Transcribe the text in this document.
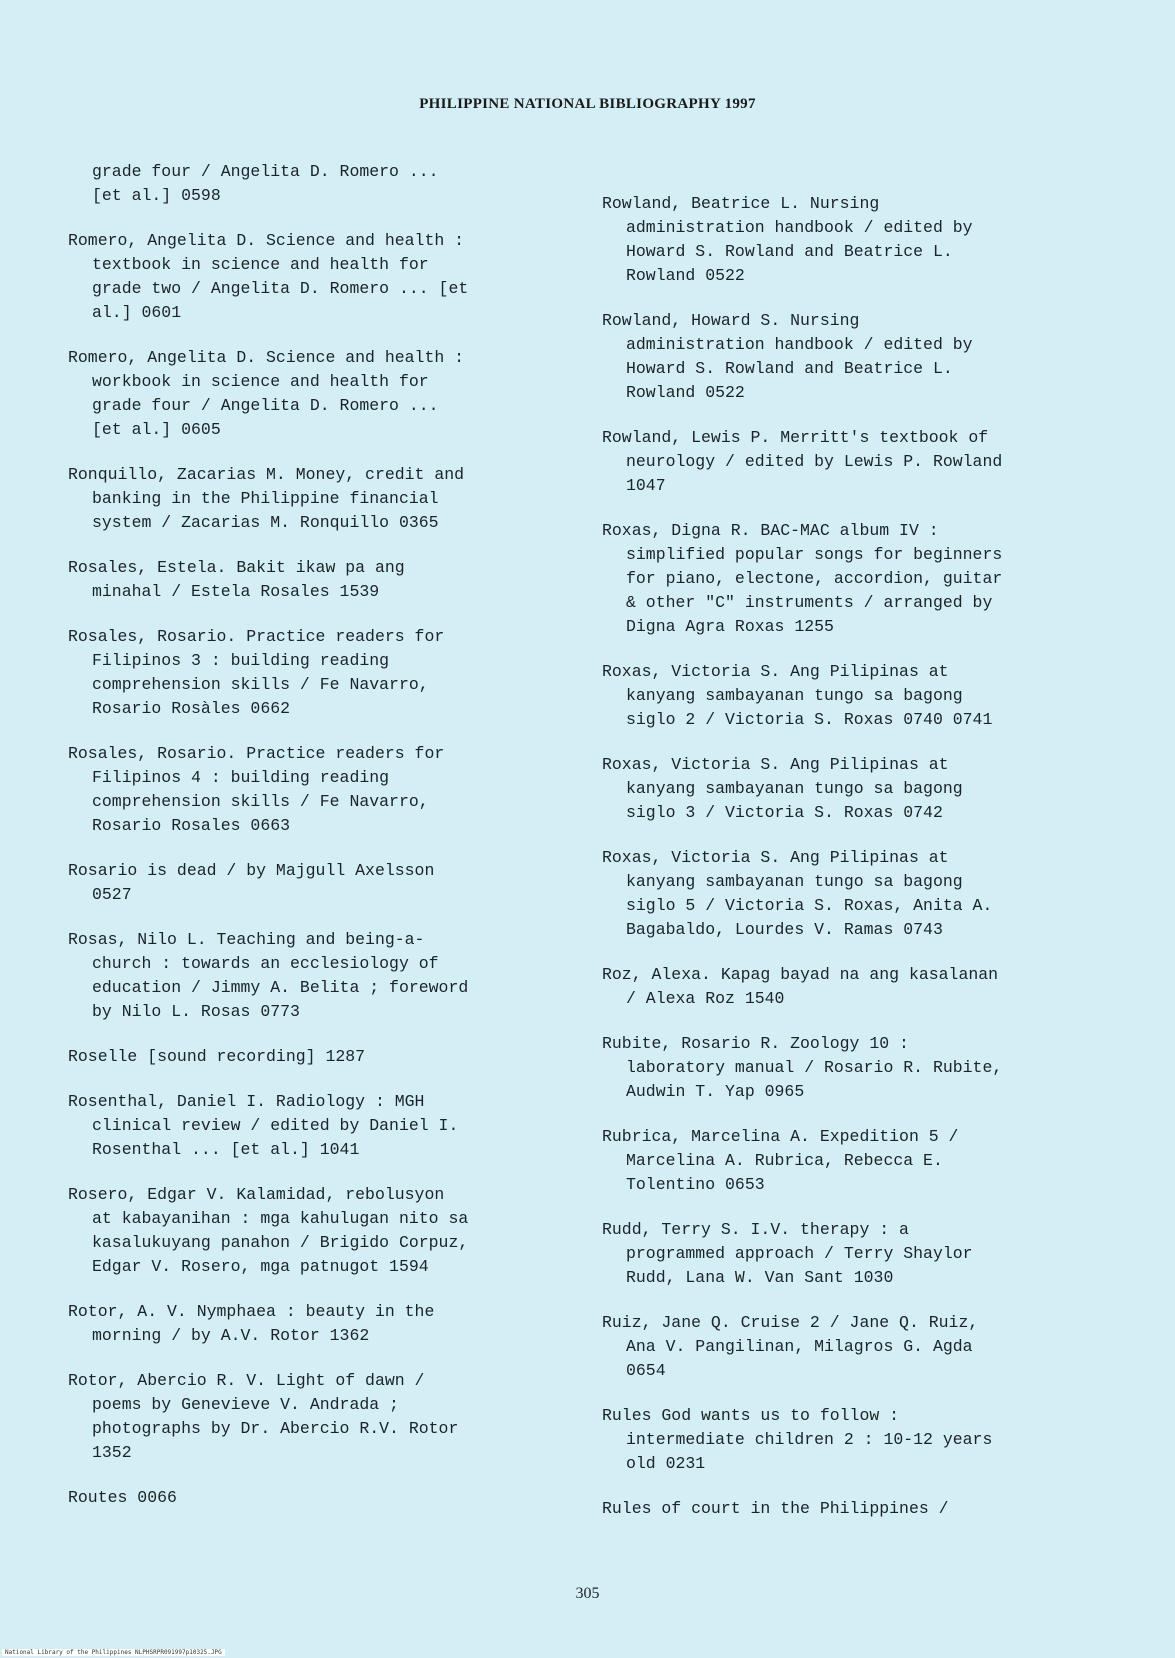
PHILIPPINE NATIONAL BIBLIOGRAPHY 1997
grade four / Angelita D. Romero ...
[et al.] 0598
Romero, Angelita D. Science and health :
textbook in science and health for
grade two / Angelita D. Romero ... [et
al.] 0601
Romero, Angelita D. Science and health :
workbook in science and health for
grade four / Angelita D. Romero ...
[et al.] 0605
Ronquillo, Zacarias M. Money, credit and
banking in the Philippine financial
system / Zacarias M. Ronquillo 0365
Rosales, Estela. Bakit ikaw pa ang
minahal / Estela Rosales 1539
Rosales, Rosario. Practice readers for
Filipinos 3 : building reading
comprehension skills / Fe Navarro,
Rosario Rosàles 0662
Rosales, Rosario. Practice readers for
Filipinos 4 : building reading
comprehension skills / Fe Navarro,
Rosario Rosales 0663
Rosario is dead / by Majgull Axelsson
0527
Rosas, Nilo L. Teaching and being-a-
church : towards an ecclesiology of
education / Jimmy A. Belita ; foreword
by Nilo L. Rosas 0773
Roselle [sound recording] 1287
Rosenthal, Daniel I. Radiology : MGH
clinical review / edited by Daniel I.
Rosenthal ... [et al.] 1041
Rosero, Edgar V. Kalamidad, rebolusyon
at kabayanihan : mga kahulugan nito sa
kasalukuyang panahon / Brigido Corpuz,
Edgar V. Rosero, mga patnugot 1594
Rotor, A. V. Nymphaea : beauty in the
morning / by A.V. Rotor 1362
Rotor, Abercio R. V. Light of dawn /
poems by Genevieve V. Andrada ;
photographs by Dr. Abercio R.V. Rotor
1352
Routes 0066
Rowland, Beatrice L. Nursing
administration handbook / edited by
Howard S. Rowland and Beatrice L.
Rowland 0522
Rowland, Howard S. Nursing
administration handbook / edited by
Howard S. Rowland and Beatrice L.
Rowland 0522
Rowland, Lewis P. Merritt's textbook of
neurology / edited by Lewis P. Rowland
1047
Roxas, Digna R. BAC-MAC album IV :
simplified popular songs for beginners
for piano, electone, accordion, guitar
& other "C" instruments / arranged by
Digna Agra Roxas 1255
Roxas, Victoria S. Ang Pilipinas at
kanyang sambayanan tungo sa bagong
siglo 2 / Victoria S. Roxas 0740 0741
Roxas, Victoria S. Ang Pilipinas at
kanyang sambayanan tungo sa bagong
siglo 3 / Victoria S. Roxas 0742
Roxas, Victoria S. Ang Pilipinas at
kanyang sambayanan tungo sa bagong
siglo 5 / Victoria S. Roxas, Anita A.
Bagabaldo, Lourdes V. Ramas 0743
Roz, Alexa. Kapag bayad na ang kasalanan
/ Alexa Roz 1540
Rubite, Rosario R. Zoology 10 :
laboratory manual / Rosario R. Rubite,
Audwin T. Yap 0965
Rubrica, Marcelina A. Expedition 5 /
Marcelina A. Rubrica, Rebecca E.
Tolentino 0653
Rudd, Terry S. I.V. therapy : a
programmed approach / Terry Shaylor
Rudd, Lana W. Van Sant 1030
Ruiz, Jane Q. Cruise 2 / Jane Q. Ruiz,
Ana V. Pangilinan, Milagros G. Agda
0654
Rules God wants us to follow :
intermediate children 2 : 10-12 years
old 0231
Rules of court in the Philippines /
305
National Library of the Philippines NLPHSRPR091997p10325.JPG
